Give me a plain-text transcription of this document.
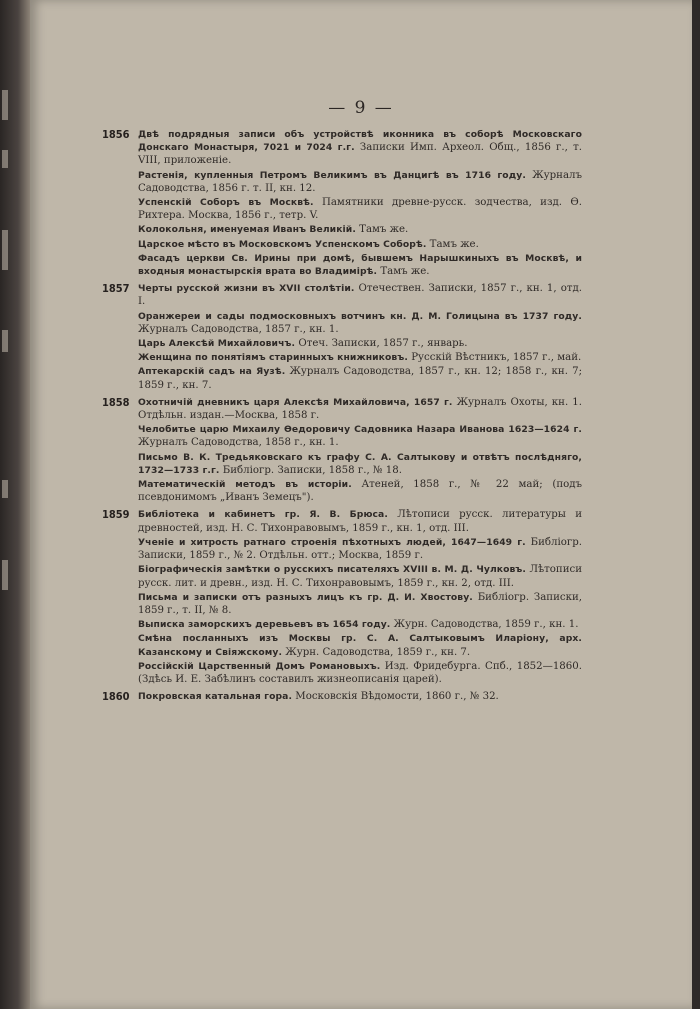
— 9 —
1856 Двѣ подрядныя записи объ устройствѣ иконника въ соборѣ Московскаго Донскаго Монастыря, 7021 и 7024 г.г. Записки Имп. Археол. Общ., 1856 г., т. VIII, приложеніе.
Растенія, купленныя Петромъ Великимъ въ Данцигѣ въ 1716 году. Журналъ Садоводства, 1856 г. т. II, кн. 12.
Успенскій Соборъ въ Москвѣ. Памятники древне-русск. зодчества, изд. Ѳ. Рихтера. Москва, 1856 г., тетр. V.
Колокольня, именуемая Иванъ Великій. Тамъ же.
Царское мѣсто въ Московскомъ Успенскомъ Соборѣ. Тамъ же.
Фасадъ церкви Св. Ирины при домѣ, бывшемъ Нарышкиныхъ въ Москвѣ, и входныя монастырскія врата во Владимірѣ. Тамъ же.
1857 Черты русской жизни въ XVII столѣтіи. Отечествен. Записки, 1857 г., кн. 1, отд. I.
Оранжереи и сады подмосковныхъ вотчинъ кн. Д. М. Голицына въ 1737 году. Журналъ Садоводства, 1857 г., кн. 1.
Царь Алексѣй Михайловичъ. Отеч. Записки, 1857 г., январь.
Женщина по понятіямъ старинныхъ книжниковъ. Русскій Вѣстникъ, 1857 г., май.
Аптекарскій садъ на Яузѣ. Журналъ Садоводства, 1857 г., кн. 12; 1858 г., кн. 7; 1859 г., кн. 7.
1858 Охотничій дневникъ царя Алексѣя Михайловича, 1657 г. Журналъ Охоты, кн. 1. Отдѣльн. издан.—Москва, 1858 г.
Челобитье царю Михаилу Ѳедоровичу Садовника Назара Иванова 1623—1624 г. Журналъ Садоводства, 1858 г., кн. 1.
Письмо В. К. Тредьяковскаго къ графу С. А. Салтыкову и отвѣтъ послѣдняго, 1732—1733 г.г. Библіогр. Записки, 1858 г., № 18.
Математическій методъ въ исторіи. Атеней, 1858 г., № 22 май; (подъ псевдонимомъ „Иванъ Земецъ").
1859 Библіотека и кабинетъ гр. Я. В. Брюса. Лѣтописи русск. литературы и древностей, изд. Н. С. Тихонравовымъ, 1859 г., кн. 1, отд. III.
Ученіе и хитрость ратнаго строенія пѣхотныхъ людей, 1647—1649 г. Библіогр. Записки, 1859 г., № 2. Отдѣльн. отт.; Москва, 1859 г.
Біографическія замѣтки о русскихъ писателяхъ XVIII в. М. Д. Чулковъ. Лѣтописи русск. лит. и древн., изд. Н. С. Тихонравовымъ, 1859 г., кн. 2, отд. III.
Письма и записки отъ разныхъ лицъ къ гр. Д. И. Хвостову. Библіогр. Записки, 1859 г., т. II, № 8.
Выписка заморскихъ деревьевъ въ 1654 году. Журн. Садоводства, 1859 г., кн. 1.
Смѣна посланныхъ изъ Москвы гр. С. А. Салтыковымъ Иларіону, арх. Казанскому и Свіяжскому. Журн. Садоводства, 1859 г., кн. 7.
Россійскій Царственный Домъ Романовыхъ. Изд. Фридебурга. Спб., 1852—1860. (Здѣсь И. Е. Забѣлинъ составилъ жизнеописанія царей).
1860 Покровская катальная гора. Московскія Вѣдомости, 1860 г., № 32.
